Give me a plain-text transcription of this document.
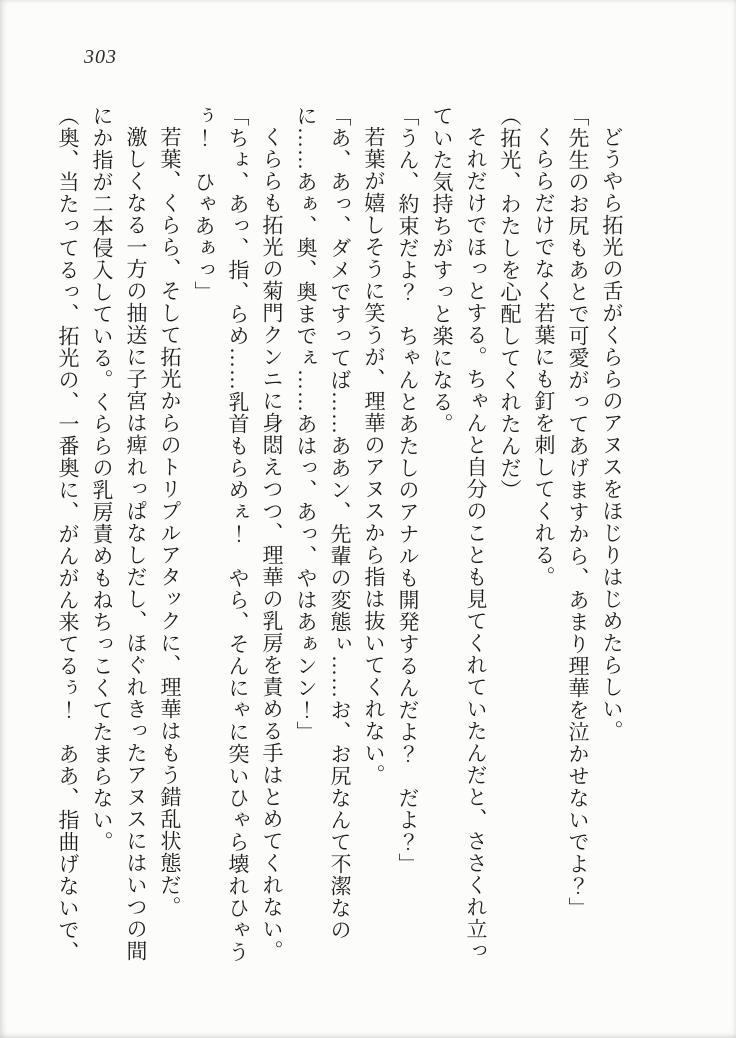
303

どうやら拓光の舌がくららのアヌスをほじりはじめたらしい。

「先生のお尻もあとで可愛がってあげますから、あまり理華を泣かせないでよ？」

くららだけでなく若葉にも釘を刺してくれる。

（拓光、わたしを心配してくれたんだ）

それだけでほっとする。ちゃんと自分のことも見てくれていたんだと、ささくれ立っていた気持ちがすっと楽になる。

「うん、約束だよ？　ちゃんとあたしのアナルも開発するんだよ？　だよ？」

若葉が嬉しそうに笑うが、理華のアヌスから指は抜いてくれない。

「あ、あっ、ダメですってば……ああン、先輩の変態ぃ……お、お尻なんて不潔なのに……あぁ、奥、奥までぇ……あはっ、あっ、やはあぁンン！」

くららも拓光の菊門クンニに身悶えつつ、理華の乳房を責める手はとめてくれない。

「ちょ、あっ、指、らめ……乳首もらめぇ！　やら、そんにゃに突いひゃら壊れひゃうぅ！　ひゃあぁっ」

若葉、くらら、そして拓光からのトリプルアタックに、理華はもう錯乱状態だ。

激しくなる一方の抽送に子宮は痺れっぱなしだし、ほぐれきったアヌスにはいつの間にか指が二本侵入している。くららの乳房責めもねちっこくてたまらない。

（奥、当たってるっ、拓光の、一番奥に、がんがん来てるぅ！　ああ、指曲げないで、
